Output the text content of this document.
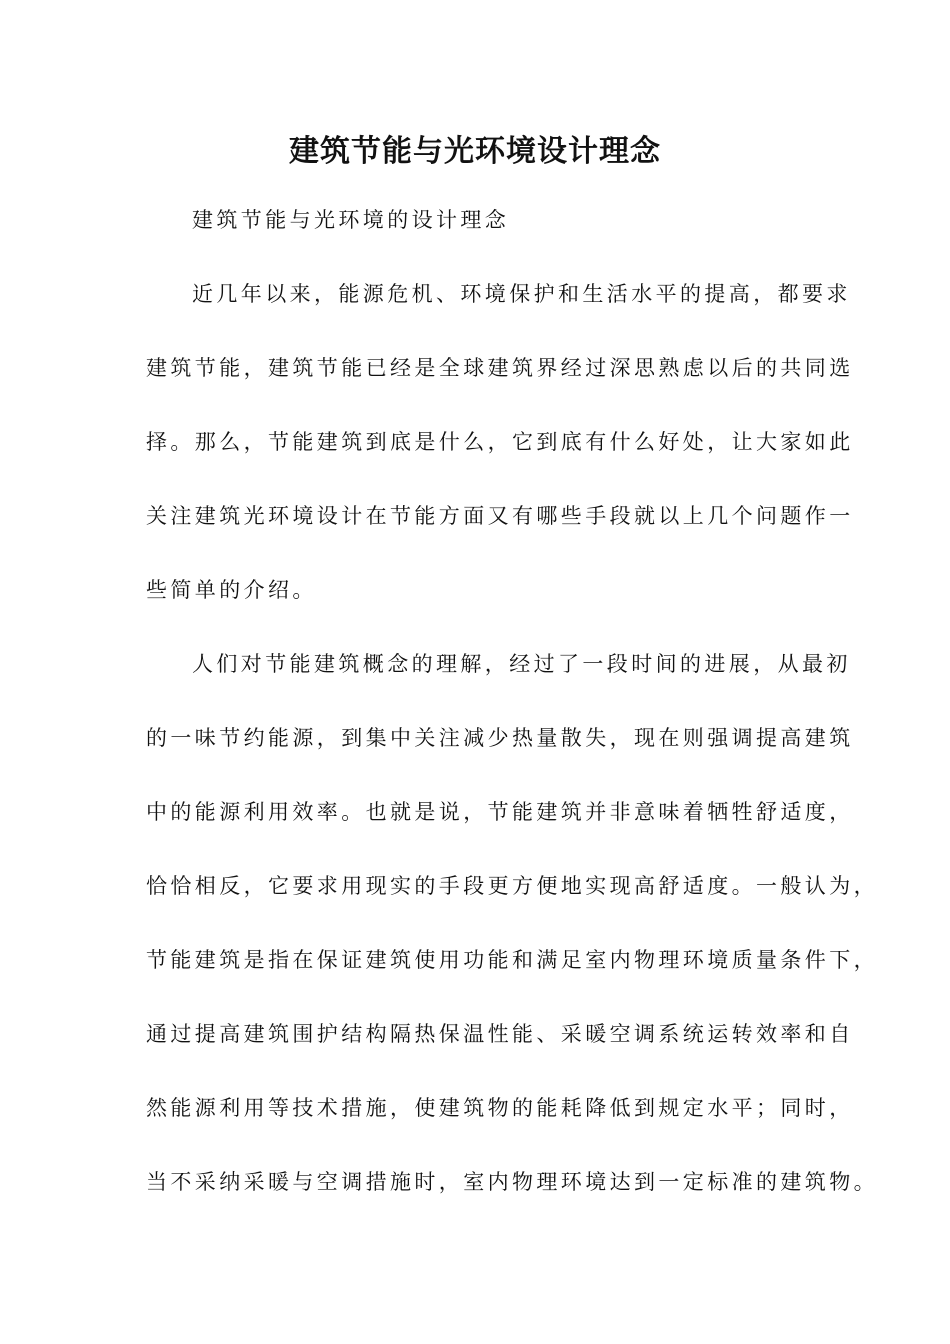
建筑节能与光环境设计理念
建筑节能与光环境的设计理念
近几年以来，能源危机、环境保护和生活水平的提高，都要求
建筑节能，建筑节能已经是全球建筑界经过深思熟虑以后的共同选
择。那么，节能建筑到底是什么，它到底有什么好处，让大家如此
关注建筑光环境设计在节能方面又有哪些手段就以上几个问题作一
些简单的介绍。
人们对节能建筑概念的理解，经过了一段时间的进展，从最初
的一味节约能源，到集中关注减少热量散失，现在则强调提高建筑
中的能源利用效率。也就是说，节能建筑并非意味着牺牲舒适度，
恰恰相反，它要求用现实的手段更方便地实现高舒适度。一般认为，
节能建筑是指在保证建筑使用功能和满足室内物理环境质量条件下，
通过提高建筑围护结构隔热保温性能、采暖空调系统运转效率和自
然能源利用等技术措施，使建筑物的能耗降低到规定水平；同时，
当不采纳采暖与空调措施时，室内物理环境达到一定标准的建筑物。
